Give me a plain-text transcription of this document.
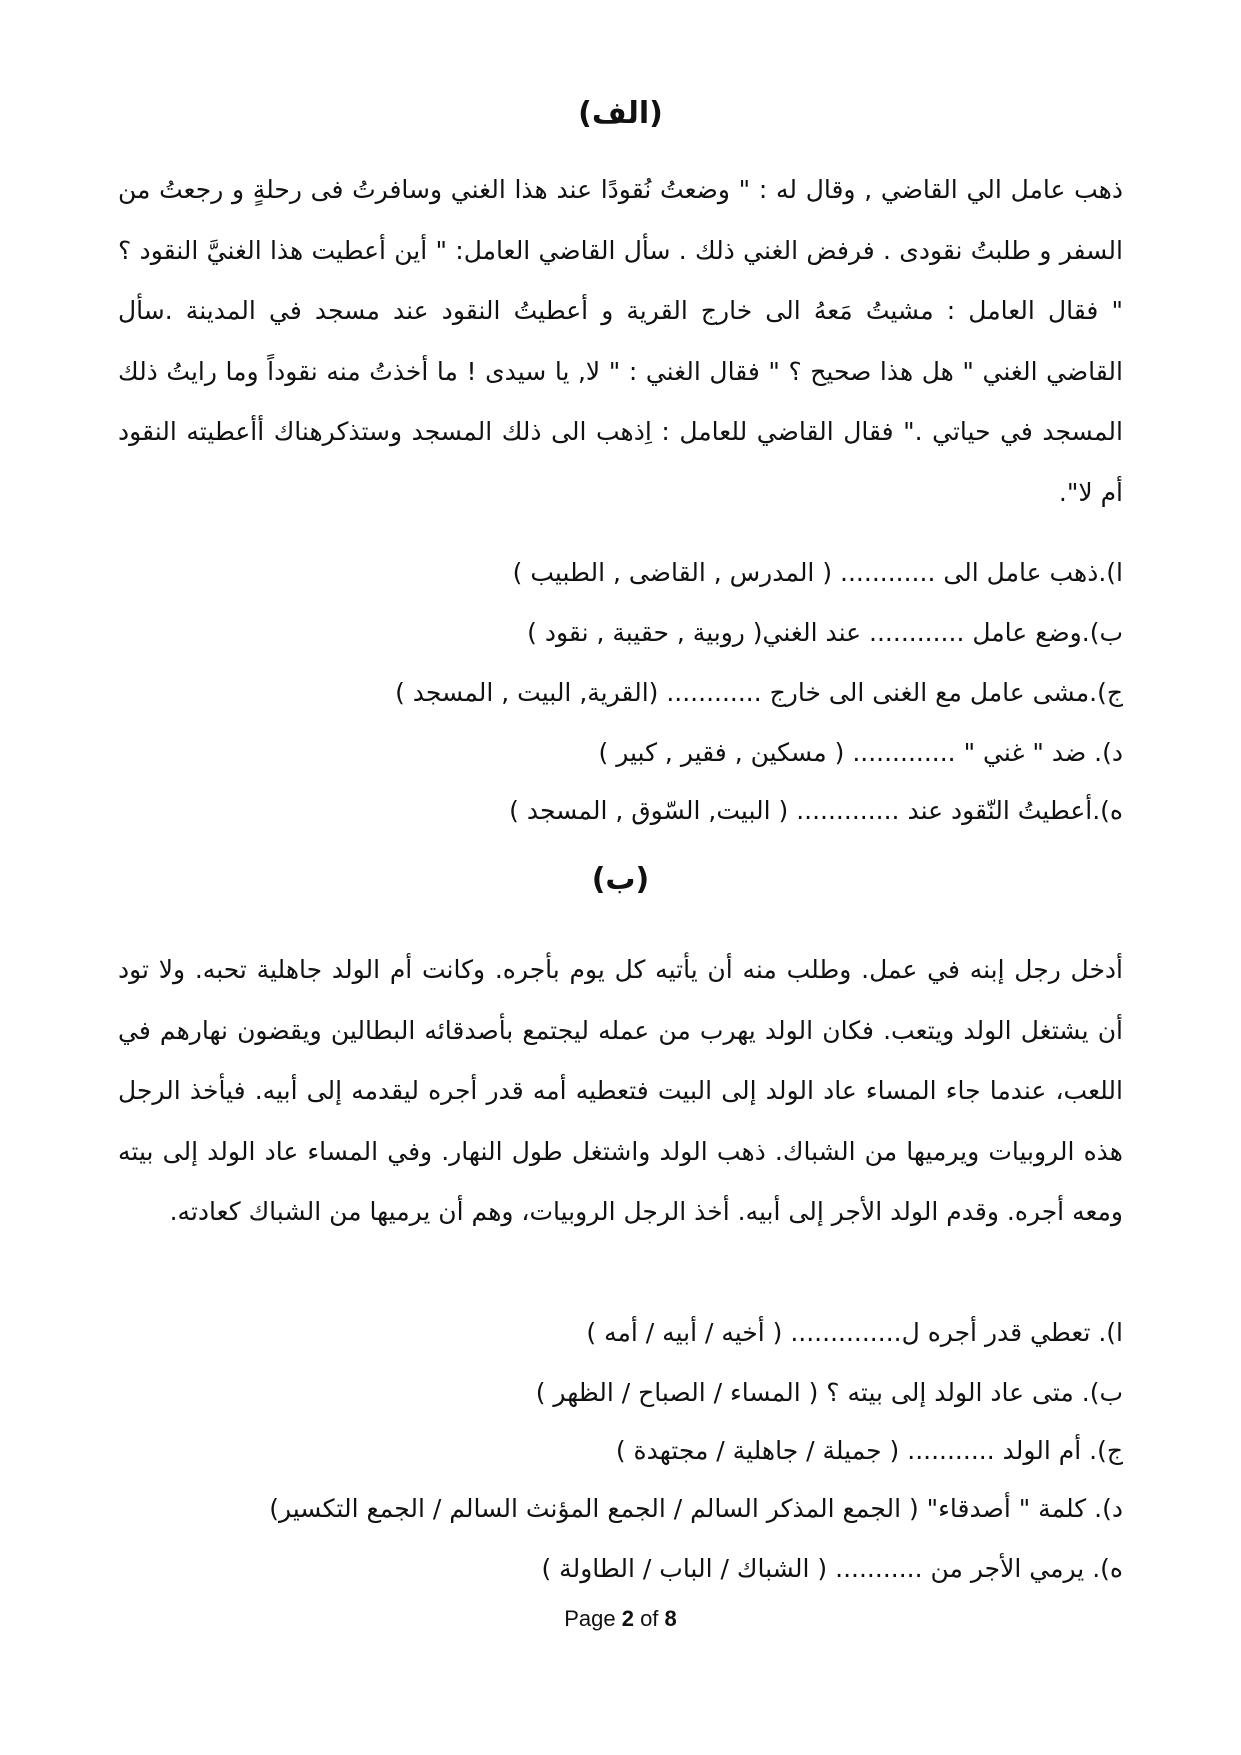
(الف)

ذهب عامل الي القاضي , وقال له : " وضعتُ نُقودًا عند هذا الغني وسافرتُ فى رحلةٍ و رجعتُ من السفر و طلبتُ نقودى . فرفض الغني ذلك . سأل القاضي العامل: " أين أعطيت هذا الغنيَّ النقود ؟ " فقال العامل : مشيتُ مَعهُ الى خارج القرية و أعطيتُ النقود عند مسجد في المدينة .سأل القاضي الغني " هل هذا صحيح ؟ " فقال الغني : " لا, يا سيدى ! ما أخذتُ منه نقوداً وما رايتُ ذلك المسجد في حياتي ." فقال القاضي للعامل : اِذهب الى ذلك المسجد وستذكرهناك أأعطيته النقود أم لا".

ا).ذهب عامل الى ............ ( المدرس , القاضى , الطبيب )
ب).وضع عامل ............ عند الغني( روبية , حقيبة , نقود )
ج).مشى عامل مع الغنى الى خارج ............ (القرية, البيت , المسجد )
د). ضد " غني " ............. ( مسكين , فقير , كبير )
ه).أعطيتُ النّقود عند ............. ( البيت, السّوق , المسجد )
(ب)

أدخل رجل إبنه في عمل. وطلب منه أن يأتيه كل يوم بأجره. وكانت أم الولد جاهلية تحبه. ولا تود أن يشتغل الولد ويتعب. فكان الولد يهرب من عمله ليجتمع بأصدقائه البطالين ويقضون نهارهم في اللعب، عندما جاء المساء عاد الولد إلى البيت فتعطيه أمه قدر أجره ليقدمه إلى أبيه. فيأخذ الرجل هذه الروبيات ويرميها من الشباك. ذهب الولد واشتغل طول النهار. وفي المساء عاد الولد إلى بيته ومعه أجره. وقدم الولد الأجر إلى أبيه. أخذ الرجل الروبيات، وهم أن يرميها من الشباك كعادته.

ا). تعطي قدر أجره ل.............. ( أخيه / أبيه / أمه )
ب). متى عاد الولد إلى بيته ؟ ( المساء / الصباح / الظهر )
ج). أم الولد ........... ( جميلة / جاهلية / مجتهدة )
د). كلمة " أصدقاء" ( الجمع المذكر السالم / الجمع المؤنث السالم / الجمع التكسير)
ه). يرمي الأجر من ........... ( الشباك / الباب / الطاولة )
Page 2 of 8
